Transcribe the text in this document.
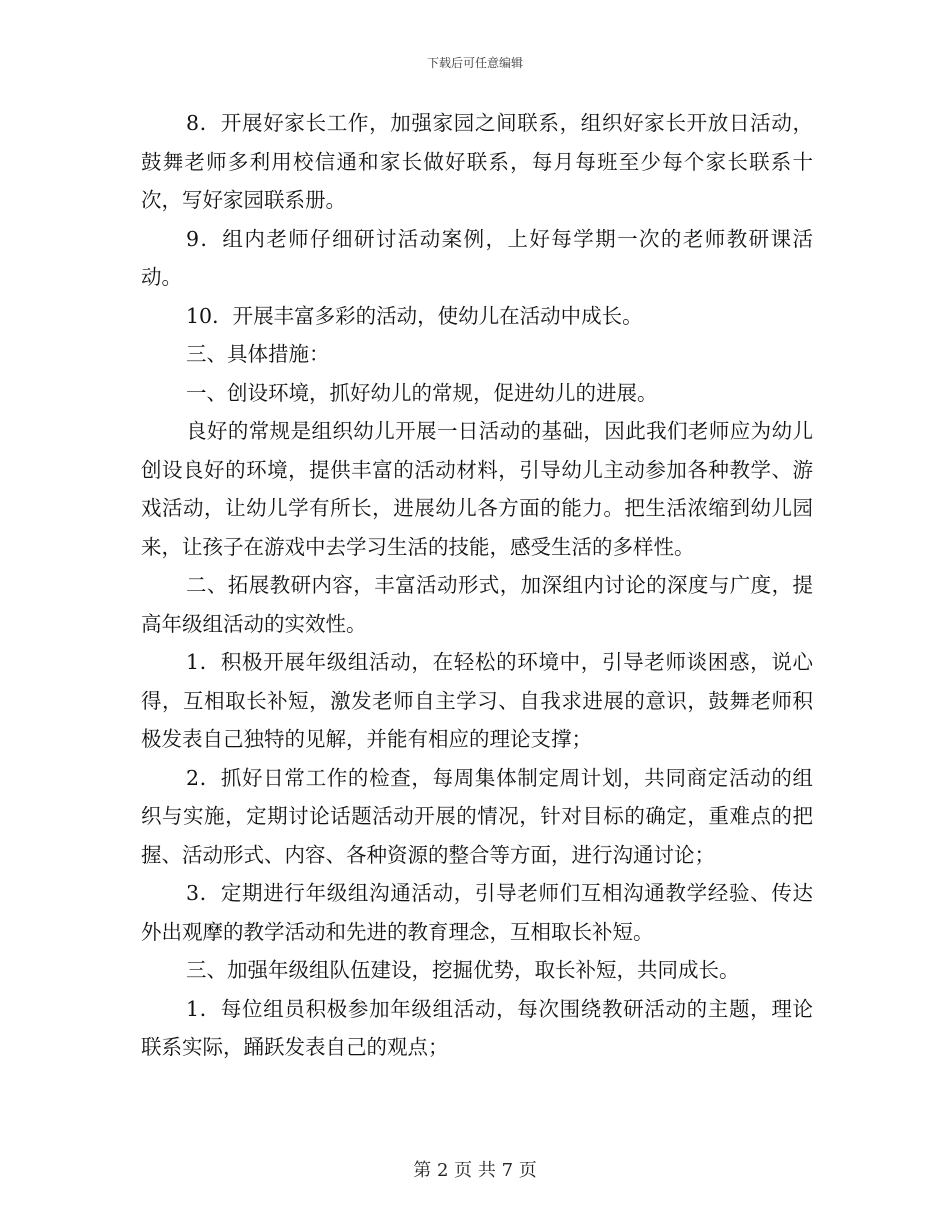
下载后可任意编辑

8．开展好家长工作，加强家园之间联系，组织好家长开放日活动，鼓舞老师多利用校信通和家长做好联系，每月每班至少每个家长联系十次，写好家园联系册。

9．组内老师仔细研讨活动案例，上好每学期一次的老师教研课活动。

10．开展丰富多彩的活动，使幼儿在活动中成长。

三、具体措施：

一、创设环境，抓好幼儿的常规，促进幼儿的进展。

良好的常规是组织幼儿开展一日活动的基础，因此我们老师应为幼儿创设良好的环境，提供丰富的活动材料，引导幼儿主动参加各种教学、游戏活动，让幼儿学有所长，进展幼儿各方面的能力。把生活浓缩到幼儿园来，让孩子在游戏中去学习生活的技能，感受生活的多样性。

二、拓展教研内容，丰富活动形式，加深组内讨论的深度与广度，提高年级组活动的实效性。

1．积极开展年级组活动，在轻松的环境中，引导老师谈困惑，说心得，互相取长补短，激发老师自主学习、自我求进展的意识，鼓舞老师积极发表自己独特的见解，并能有相应的理论支撑；

2．抓好日常工作的检查，每周集体制定周计划，共同商定活动的组织与实施，定期讨论话题活动开展的情况，针对目标的确定，重难点的把握、活动形式、内容、各种资源的整合等方面，进行沟通讨论；

3．定期进行年级组沟通活动，引导老师们互相沟通教学经验、传达外出观摩的教学活动和先进的教育理念，互相取长补短。

三、加强年级组队伍建设，挖掘优势，取长补短，共同成长。

1．每位组员积极参加年级组活动，每次围绕教研活动的主题，理论联系实际，踊跃发表自己的观点；

第 2 页 共 7 页
